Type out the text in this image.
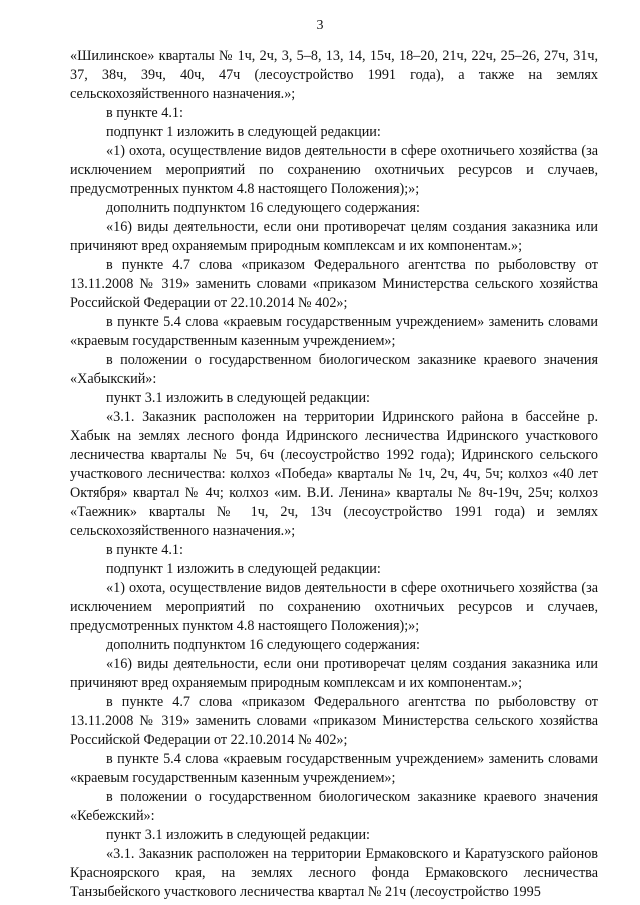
3

«Шилинское» кварталы № 1ч, 2ч, 3, 5–8, 13, 14, 15ч, 18–20, 21ч, 22ч, 25–26, 27ч, 31ч, 37, 38ч, 39ч, 40ч, 47ч (лесоустройство 1991 года), а также на землях сельскохозяйственного назначения.»;

в пункте 4.1:

подпункт 1 изложить в следующей редакции:

«1) охота, осуществление видов деятельности в сфере охотничьего хозяйства (за исключением мероприятий по сохранению охотничьих ресурсов и случаев, предусмотренных пунктом 4.8 настоящего Положения);»;

дополнить подпунктом 16 следующего содержания:

«16) виды деятельности, если они противоречат целям создания заказника или причиняют вред охраняемым природным комплексам и их компонентам.»;

в пункте 4.7 слова «приказом Федерального агентства по рыболовству от 13.11.2008 № 319» заменить словами «приказом Министерства сельского хозяйства Российской Федерации от 22.10.2014 № 402»;

в пункте 5.4 слова «краевым государственным учреждением» заменить словами «краевым государственным казенным учреждением»;

в положении о государственном биологическом заказнике краевого значения «Хабыкский»:

пункт 3.1 изложить в следующей редакции:

«3.1. Заказник расположен на территории Идринского района в бассейне р. Хабык на землях лесного фонда Идринского лесничества Идринского участкового лесничества кварталы № 5ч, 6ч (лесоустройство 1992 года); Идринского сельского участкового лесничества: колхоз «Победа» кварталы № 1ч, 2ч, 4ч, 5ч; колхоз «40 лет Октября» квартал № 4ч; колхоз «им. В.И. Ленина» кварталы № 8ч-19ч, 25ч; колхоз «Таежник» кварталы № 1ч, 2ч, 13ч (лесоустройство 1991 года) и землях сельскохозяйственного назначения.»;

в пункте 4.1:

подпункт 1 изложить в следующей редакции:

«1) охота, осуществление видов деятельности в сфере охотничьего хозяйства (за исключением мероприятий по сохранению охотничьих ресурсов и случаев, предусмотренных пунктом 4.8 настоящего Положения);»;

дополнить подпунктом 16 следующего содержания:

«16) виды деятельности, если они противоречат целям создания заказника или причиняют вред охраняемым природным комплексам и их компонентам.»;

в пункте 4.7 слова «приказом Федерального агентства по рыболовству от 13.11.2008 № 319» заменить словами «приказом Министерства сельского хозяйства Российской Федерации от 22.10.2014 № 402»;

в пункте 5.4 слова «краевым государственным учреждением» заменить словами «краевым государственным казенным учреждением»;

в положении о государственном биологическом заказнике краевого значения «Кебежский»:

пункт 3.1 изложить в следующей редакции:

«3.1. Заказник расположен на территории Ермаковского и Каратузского районов Красноярского края, на землях лесного фонда Ермаковского лесничества Танзыбейского участкового лесничества квартал № 21ч (лесоустройство 1995
